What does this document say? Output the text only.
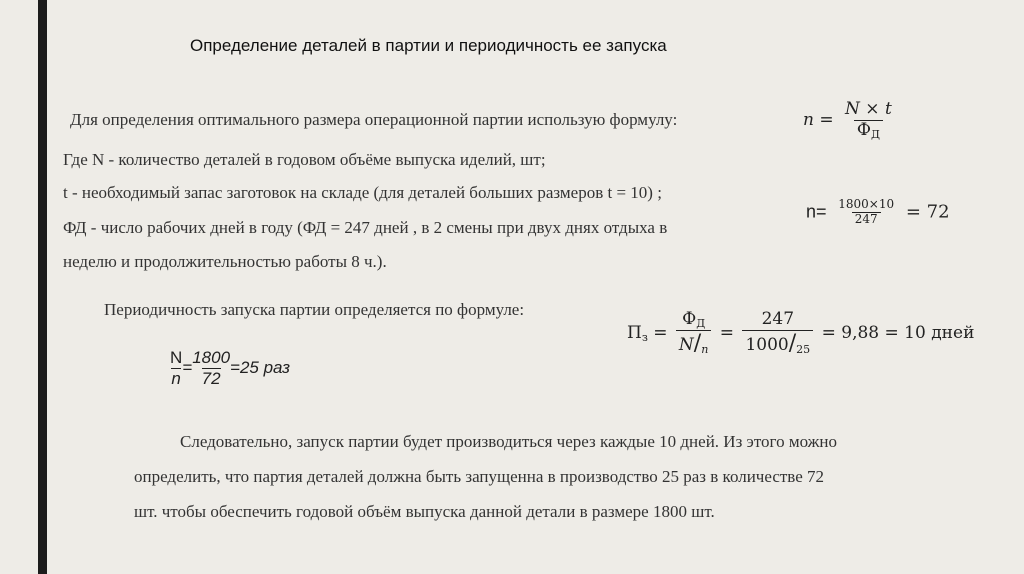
Определение деталей в партии и периодичность ее запуска
Для определения оптимального размера операционной партии использую формулу:
Где N - количество деталей в годовом объёме выпуска иделий, шт;
t - необходимый запас заготовок на складе (для деталей больших размеров t = 10) ;
ФД - число рабочих дней в году (ФД = 247 дней , в 2 смены при двух днях отдыха в
неделю и продолжительностью работы 8 ч.).
Периодичность запуска партии определяется по формуле:
$n = \frac{N \times t}{Ф_Д}$
$n= \frac{1800\times 10}{247} = 72$
$\frac{N}{n} = \frac{1800}{72} =25$ раз
$П_з = \frac{Ф_Д}{N/_n} = \frac{247}{1000/_{25}} = 9,88 = 10$ дней
Следовательно, запуск партии будет производиться через каждые 10 дней. Из этого можно
определить, что партия деталей должна быть запущенна в производство 25 раз в количестве 72
шт. чтобы обеспечить годовой объём выпуска данной детали в размере 1800 шт.
